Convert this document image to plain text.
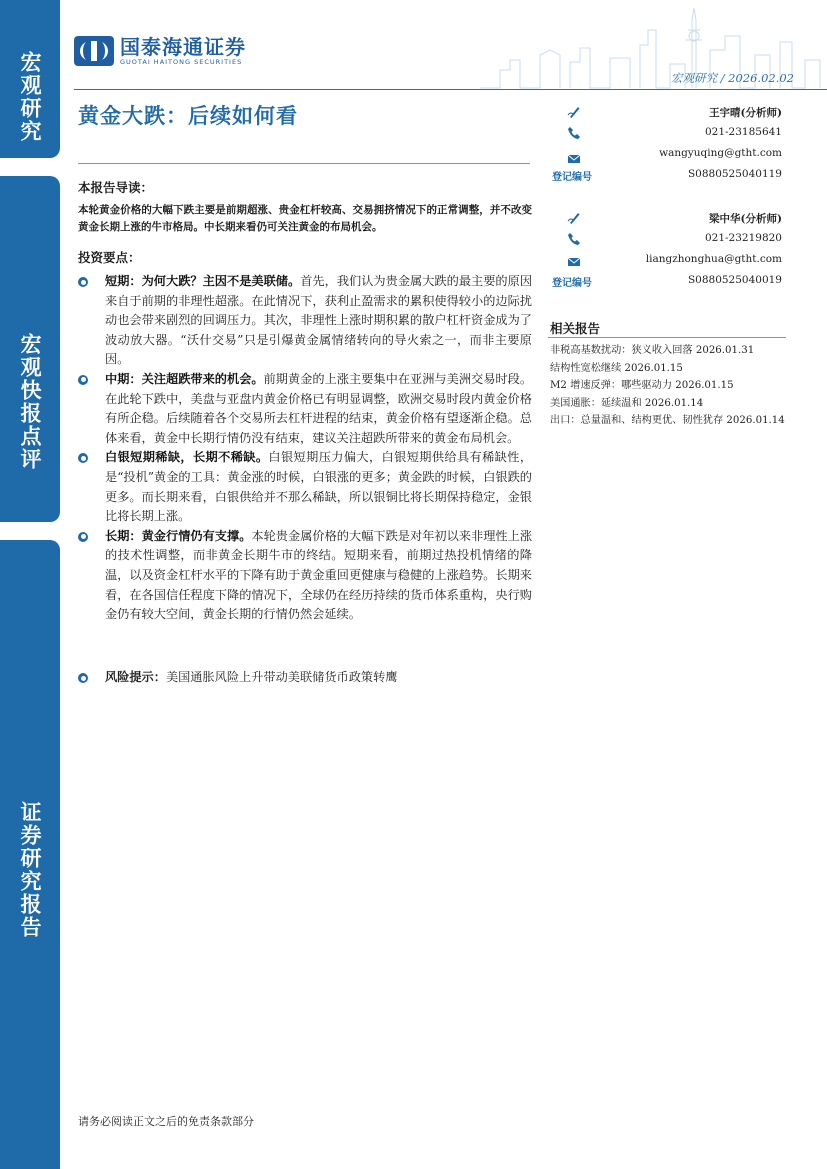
宏观研究
宏观快报点评
证券研究报告
国泰海通证券
GUOTAI HAITONG SECURITIES
宏观研究 / 2026.02.02
黄金大跌：后续如何看
本报告导读：
本轮黄金价格的大幅下跌主要是前期超涨、贵金杠杆较高、交易拥挤情况下的正常调整，并不改变黄金长期上涨的牛市格局。中长期来看仍可关注黄金的布局机会。
投资要点：
短期：为何大跌？主因不是美联储。首先，我们认为贵金属大跌的最主要的原因来自于前期的非理性超涨。在此情况下，获利止盈需求的累积使得较小的边际扰动也会带来剧烈的回调压力。其次，非理性上涨时期积累的散户杠杆资金成为了波动放大器。“沃什交易”只是引爆黄金属情绪转向的导火索之一，而非主要原因。
中期：关注超跌带来的机会。前期黄金的上涨主要集中在亚洲与美洲交易时段。在此轮下跌中，美盘与亚盘内黄金价格已有明显调整，欧洲交易时段内黄金价格有所企稳。后续随着各个交易所去杠杆进程的结束，黄金价格有望逐渐企稳。总体来看，黄金中长期行情仍没有结束，建议关注超跌所带来的黄金布局机会。
白银短期稀缺，长期不稀缺。白银短期压力偏大，白银短期供给具有稀缺性，是“投机”黄金的工具：黄金涨的时候，白银涨的更多；黄金跌的时候，白银跌的更多。而长期来看，白银供给并不那么稀缺，所以银铜比将长期保持稳定，金银比将长期上涨。
长期：黄金行情仍有支撑。本轮贵金属价格的大幅下跌是对年初以来非理性上涨的技术性调整，而非黄金长期牛市的终结。短期来看，前期过热投机情绪的降温，以及资金杠杆水平的下降有助于黄金重回更健康与稳健的上涨趋势。长期来看，在各国信任程度下降的情况下，全球仍在经历持续的货币体系重构，央行购金仍有较大空间，黄金长期的行情仍然会延续。
风险提示：美国通胀风险上升带动美联储货币政策转鹰
王宇晴(分析师)
021-23185641
wangyuqing@gtht.com
登记编号	S0880525040119
梁中华(分析师)
021-23219820
liangzhonghua@gtht.com
登记编号	S0880525040019
相关报告
非税高基数扰动：狭义收入回落 2026.01.31
结构性宽松继续 2026.01.15
M2 增速反弹：哪些驱动力 2026.01.15
美国通胀：延续温和 2026.01.14
出口：总量温和、结构更优、韧性犹存 2026.01.14
请务必阅读正文之后的免责条款部分
